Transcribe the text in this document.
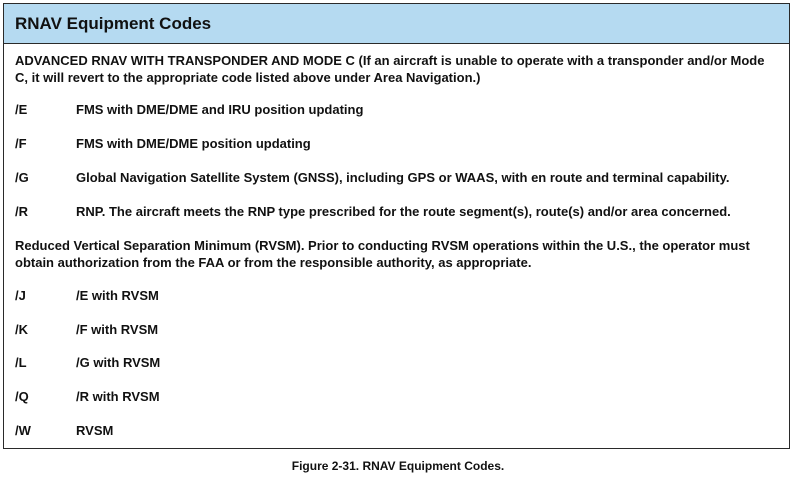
RNAV Equipment Codes
ADVANCED RNAV WITH TRANSPONDER AND MODE C (If an aircraft is unable to operate with a transponder and/or Mode C, it will revert to the appropriate code listed above under Area Navigation.)
/E	FMS with DME/DME and IRU position updating
/F	FMS with DME/DME position updating
/G	Global Navigation Satellite System (GNSS), including GPS or WAAS, with en route and terminal capability.
/R	RNP. The aircraft meets the RNP type prescribed for the route segment(s), route(s) and/or area concerned.
Reduced Vertical Separation Minimum (RVSM). Prior to conducting RVSM operations within the U.S., the operator must obtain authorization from the FAA or from the responsible authority, as appropriate.
/J	/E with RVSM
/K	/F with RVSM
/L	/G with RVSM
/Q	/R with RVSM
/W	RVSM
Figure 2-31. RNAV Equipment Codes.
